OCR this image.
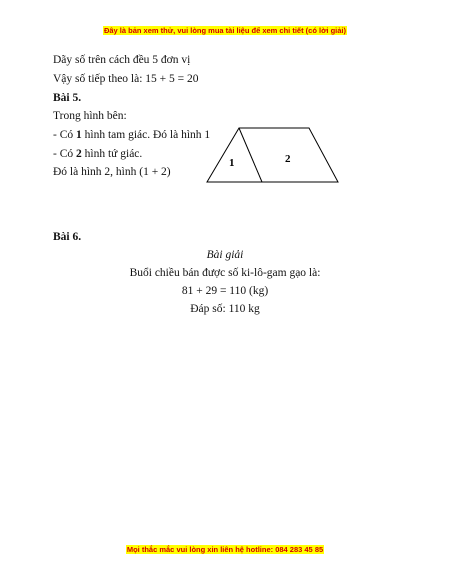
Đây là bản xem thử, vui lòng mua tài liệu để xem chi tiết (có lời giải)
Dãy số trên cách đều 5 đơn vị
Vậy số tiếp theo là: 15 + 5 = 20
Bài 5.
Trong hình bên:
- Có 1 hình tam giác. Đó là hình 1
- Có 2 hình tứ giác.
Đó là hình 2, hình (1 + 2)
1	2
Bài 6.
Bài giải
Buổi chiều bán được số ki-lô-gam gạo là:
81 + 29 = 110 (kg)
Đáp số: 110 kg
Mọi thắc mắc vui lòng xin liên hệ hotline: 084 283 45 85
